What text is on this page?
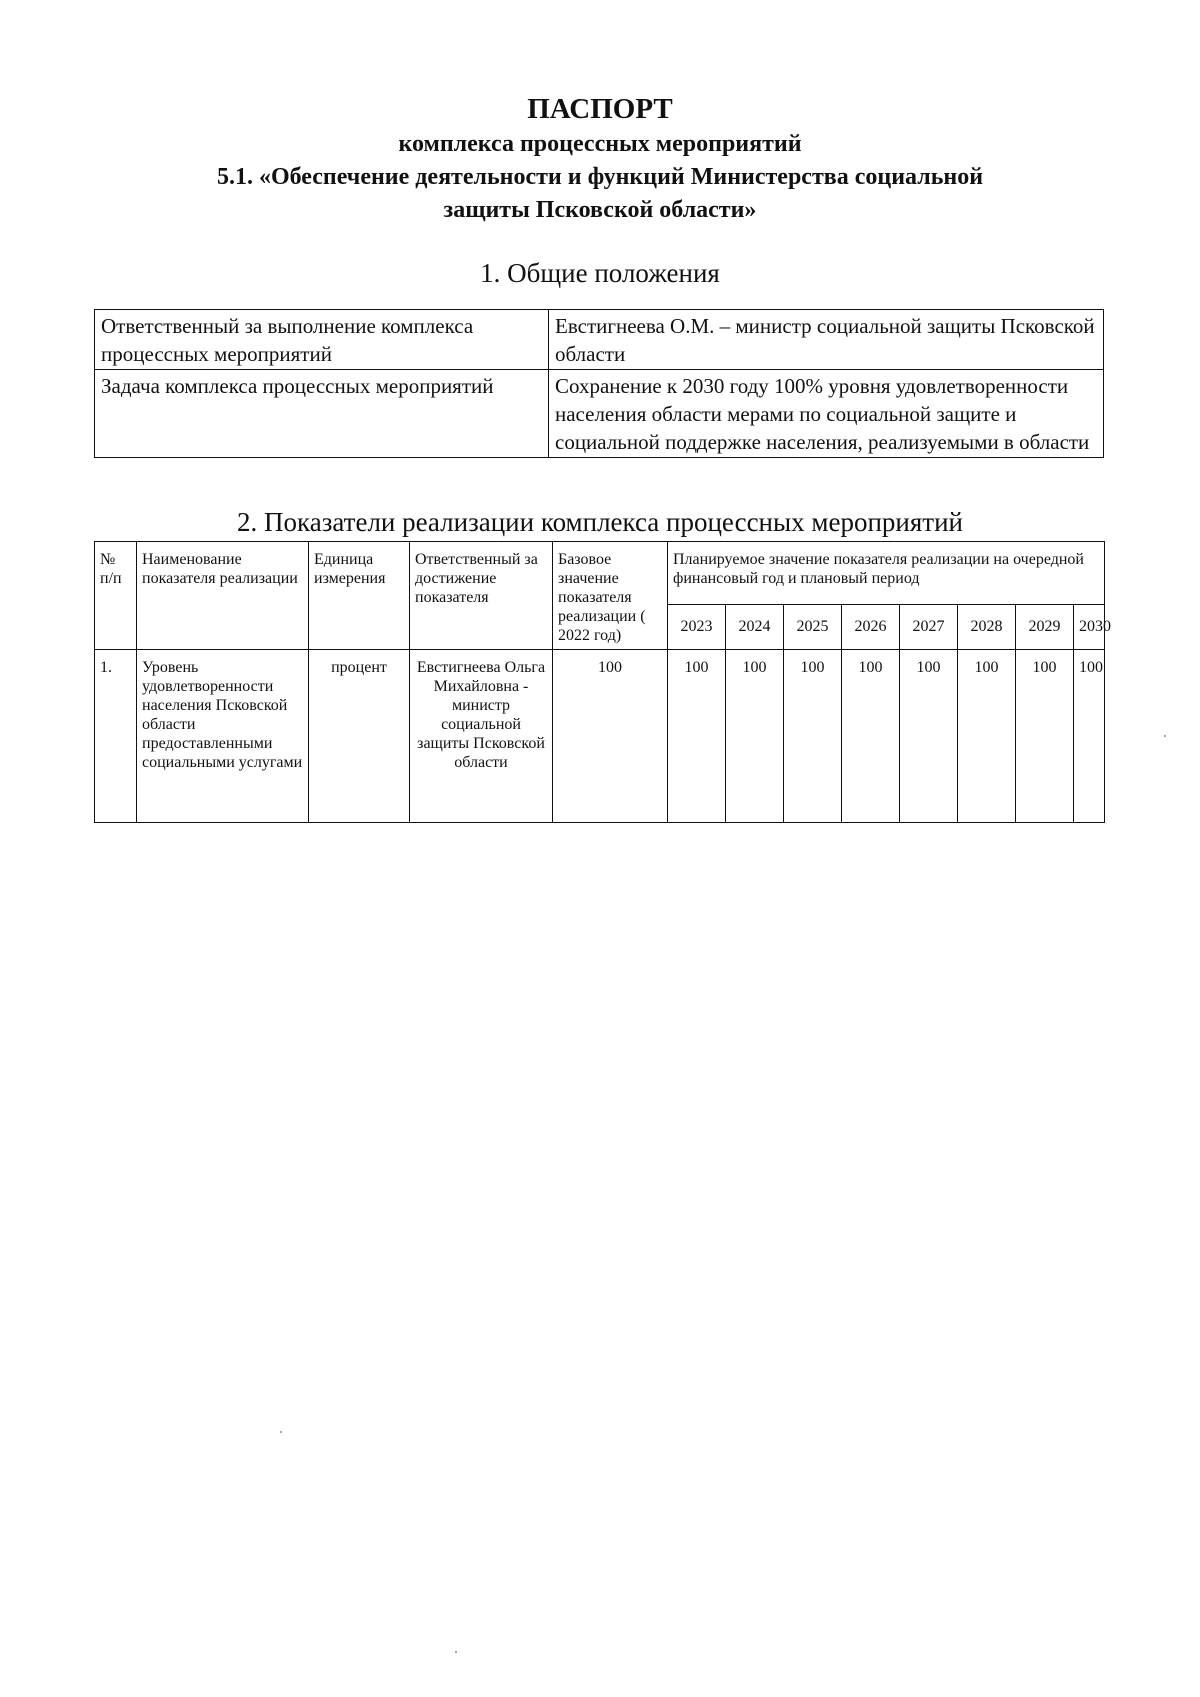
ПАСПОРТ
комплекса процессных мероприятий
5.1. «Обеспечение деятельности и функций Министерства социальной
защиты Псковской области»
1. Общие положения
Ответственный за выполнение комплекса процессных мероприятий	Евстигнеева О.М. – министр социальной защиты Псковской области
Задача комплекса процессных мероприятий	Сохранение к 2030 году 100% уровня удовлетворенности населения области мерами по социальной защите и социальной поддержке населения, реализуемыми в области
2. Показатели реализации комплекса процессных мероприятий
№ п/п	Наименование показателя реализации	Единица измерения	Ответственный за достижение показателя	Базовое значение показателя реализации ( 2022 год)	Планируемое значение показателя реализации на очередной финансовый год и плановый период							
					2023	2024	2025	2026	2027	2028	2029	2030
1.	Уровень удовлетворенности населения Псковской области предоставленными социальными услугами	процент	Евстигнеева Ольга Михайловна - министр социальной защиты Псковской области	100	100	100	100	100	100	100	100	100
